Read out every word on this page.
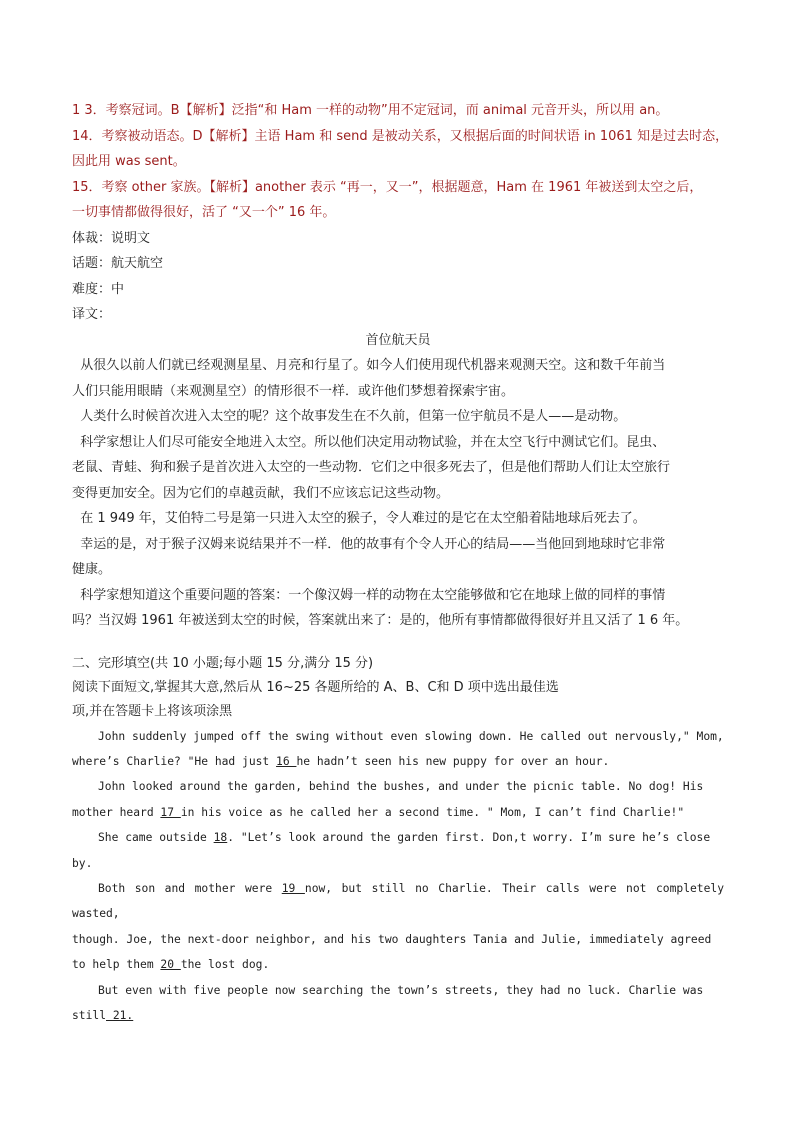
1 3．考察冠词。B【解析】泛指“和 Ham 一样的动物”用不定冠词，而 animal 元音开头，所以用 an。
14．考察被动语态。D【解析】主语 Ham 和 send 是被动关系，又根据后面的时间状语 in 1061 知是过去时态，
因此用 was sent。
15．考察 other 家族。【解析】another 表示 “再一，又一”，根据题意，Ham 在 1961 年被送到太空之后，
一切事情都做得很好，活了 “又一个” 16 年。
体裁：说明文
话题：航天航空
难度：中
译文：
首位航天员
从很久以前人们就已经观测星星、月亮和行星了。如今人们使用现代机器来观测天空。这和数千年前当
人们只能用眼睛（来观测星空）的情形很不一样．或许他们梦想着探索宇宙。
人类什么时候首次进入太空的呢？这个故事发生在不久前，但第一位宇航员不是人——是动物。
科学家想让人们尽可能安全地进入太空。所以他们决定用动物试验，并在太空飞行中测试它们。昆虫、
老鼠、青蛙、狗和猴子是首次进入太空的一些动物．它们之中很多死去了，但是他们帮助人们让太空旅行
变得更加安全。因为它们的卓越贡献，我们不应该忘记这些动物。
在 1 949 年，艾伯特二号是第一只进入太空的猴子，令人难过的是它在太空船着陆地球后死去了。
幸运的是，对于猴子汉姆来说结果并不一样．他的故事有个令人开心的结局——当他回到地球时它非常
健康。
科学家想知道这个重要问题的答案：一个像汉姆一样的动物在太空能够做和它在地球上做的同样的事情
吗？当汉姆 1961 年被送到太空的时候，答案就出来了：是的，他所有事情都做得很好并且又活了 1 6 年。
二、完形填空(共 10 小题;每小题 15 分,满分 15 分)
阅读下面短文,掌握其大意,然后从 16~25 各题所给的 A、B、C和 D 项中选出最佳选
项,并在答题卡上将该项涂黑

John suddenly jumped off the swing without even slowing down. He called out nervously," Mom,
where’s Charlie? "He had just 16 he hadn’t seen his new puppy for over an hour.

John looked around the garden, behind the bushes, and under the picnic table. No dog! His
mother heard 17 in his voice as he called her a second time. " Mom, I can’t find Charlie!"

She came outside 18. "Let’s look around the garden first. Don,t worry. I’m sure he’s close
by.

Both son and mother were 19 now, but still no Charlie. Their calls were not completely wasted,
though. Joe, the next-door neighbor, and his two daughters Tania and Julie, immediately agreed
to help them 20 the lost dog.

But even with five people now searching the town’s streets, they had no luck. Charlie was
still 21.
